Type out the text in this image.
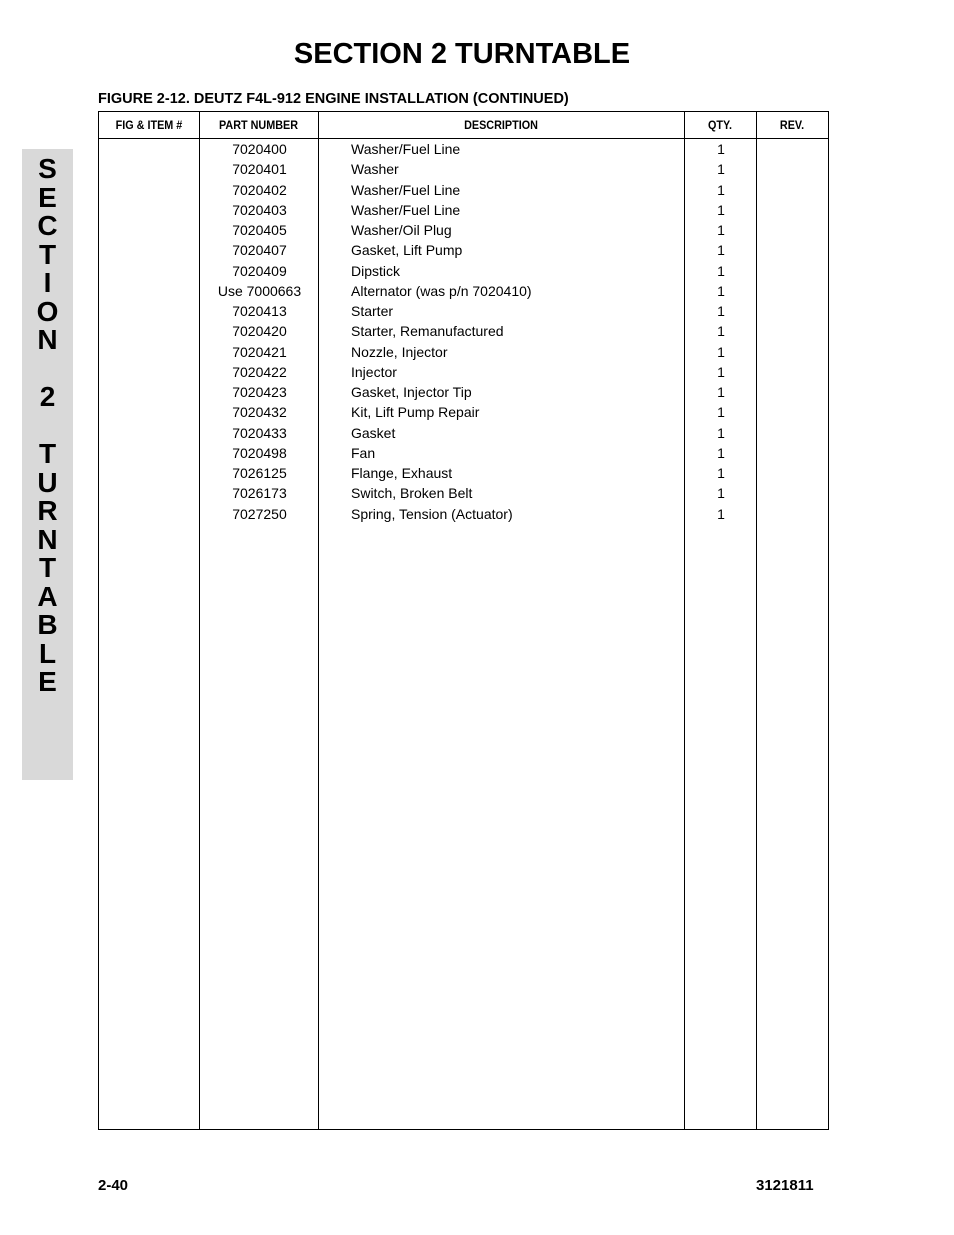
SECTION 2 TURNTABLE
FIGURE 2-12. DEUTZ F4L-912 ENGINE INSTALLATION (CONTINUED)
S
E
C
T
I
O
N
2
T
U
R
N
T
A
B
L
E
FIG & ITEM #	PART NUMBER	DESCRIPTION	QTY.	REV.
7020400	Washer/Fuel Line	1
7020401	Washer	1
7020402	Washer/Fuel Line	1
7020403	Washer/Fuel Line	1
7020405	Washer/Oil Plug	1
7020407	Gasket, Lift Pump	1
7020409	Dipstick	1
Use 7000663	Alternator (was p/n 7020410)	1
7020413	Starter	1
7020420	Starter, Remanufactured	1
7020421	Nozzle, Injector	1
7020422	Injector	1
7020423	Gasket, Injector Tip	1
7020432	Kit, Lift Pump Repair	1
7020433	Gasket	1
7020498	Fan	1
7026125	Flange, Exhaust	1
7026173	Switch, Broken Belt	1
7027250	Spring, Tension (Actuator)	1
2-40	3121811
